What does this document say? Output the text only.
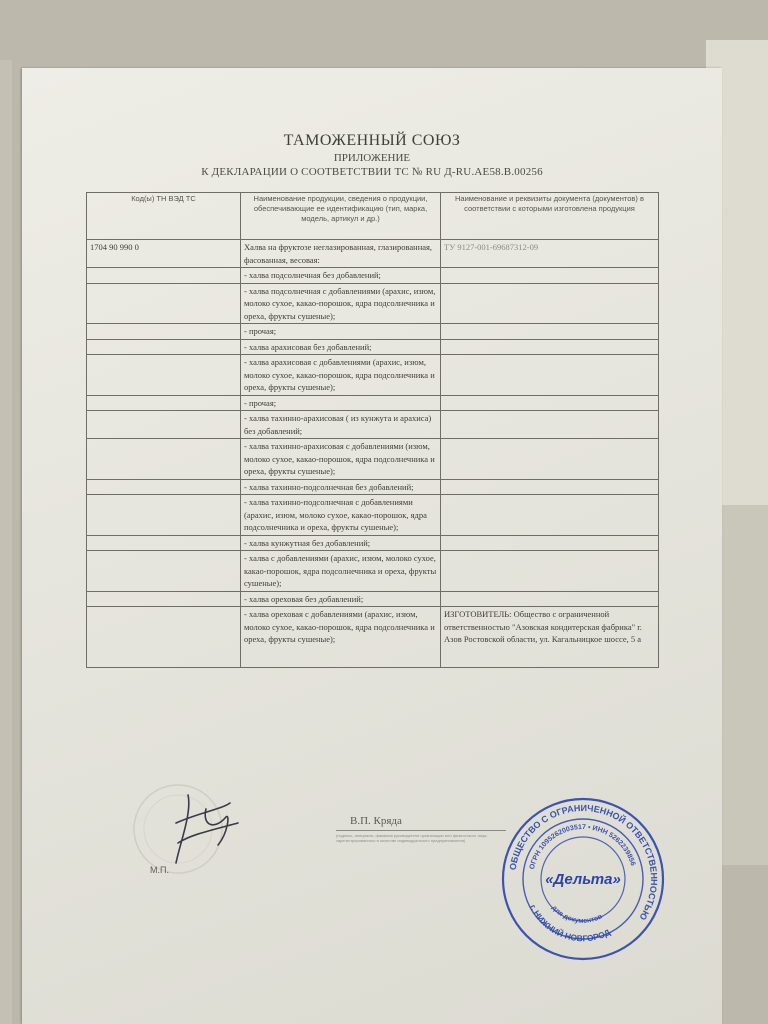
ТАМОЖЕННЫЙ СОЮЗ
ПРИЛОЖЕНИЕ
К ДЕКЛАРАЦИИ О СООТВЕТСТВИИ ТС № RU Д-RU.АЕ58.В.00256
Код(ы) ТН ВЭД ТС	Наименование продукции, сведения о продукции, обеспечивающие ее идентификацию (тип, марка, модель, артикул и др.)	Наименование и реквизиты документа (документов) в соответствии с которыми изготовлена продукция
1704 90 990 0	Халва на фруктозе неглазированная, глазированная, фасованная, весовая:	ТУ 9127-001-69687312-09
	- халва подсолнечная без добавлений;	
	- халва подсолнечная с добавлениями (арахис, изюм, молоко сухое, какао-порошок, ядра подсолнечника и ореха, фрукты сушеные);	
	- прочая;	
	- халва арахисовая без добавлений;	
	- халва арахисовая с добавлениями (арахис, изюм, молоко сухое, какао-порошок, ядра подсолнечника и ореха, фрукты сушеные);	
	- прочая;	
	- халва тахинно-арахисовая ( из кунжута и арахиса) без добавлений;	
	- халва тахинно-арахисовая с добавлениями (изюм, молоко сухое, какао-порошок, ядра подсолнечника и ореха, фрукты сушеные);	
	- халва тахинно-подсолнечная без добавлений;	
	- халва тахинно-подсолнечная с добавлениями (арахис, изюм, молоко сухое, какао-порошок, ядра подсолнечника и ореха, фрукты сушеные);	
	- халва кунжутная без добавлений;	
	- халва с добавлениями (арахис, изюм, молоко сухое, какао-порошок, ядра подсолнечника и ореха, фрукты сушеные);	
	- халва ореховая без добавлений;	
	- халва ореховая с добавлениями (арахис, изюм, молоко сухое, какао-порошок, ядра подсолнечника и ореха, фрукты сушеные);	ИЗГОТОВИТЕЛЬ: Общество с ограниченной ответственностью "Азовская кондитерская фабрика" г. Азов Ростовской области, ул. Кагальницкое шоссе, 5 а
М.П.
В.П. Кряда
(подпись, инициалы, фамилия руководителя организации или физического лица, зарегистрированного в качестве индивидуального предпринимателя)
ОБЩЕСТВО С ОГРАНИЧЕННОЙ ОТВЕТСТВЕННОСТЬЮ
ОГРН 1095262003517 • ИНН 5262239856
для документов
г. НИЖНИЙ НОВГОРОД
«Дельта»
